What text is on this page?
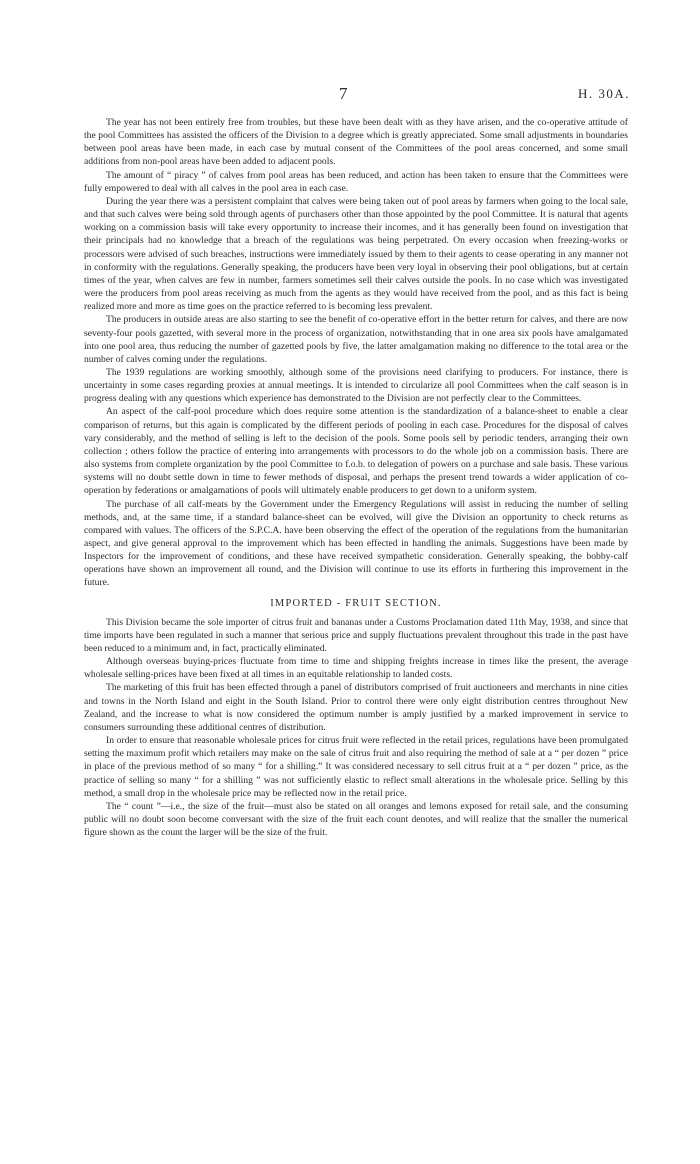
7	H. 30A.

The year has not been entirely free from troubles, but these have been dealt with as they have arisen, and the co-operative attitude of the pool Committees has assisted the officers of the Division to a degree which is greatly appreciated. Some small adjustments in boundaries between pool areas have been made, in each case by mutual consent of the Committees of the pool areas concerned, and some small additions from non-pool areas have been added to adjacent pools.

The amount of “ piracy ” of calves from pool areas has been reduced, and action has been taken to ensure that the Committees were fully empowered to deal with all calves in the pool area in each case.

During the year there was a persistent complaint that calves were being taken out of pool areas by farmers when going to the local sale, and that such calves were being sold through agents of purchasers other than those appointed by the pool Committee. It is natural that agents working on a commission basis will take every opportunity to increase their incomes, and it has generally been found on investigation that their principals had no knowledge that a breach of the regulations was being perpetrated. On every occasion when freezing-works or processors were advised of such breaches, instructions were immediately issued by them to their agents to cease operating in any manner not in conformity with the regulations. Generally speaking, the producers have been very loyal in observing their pool obligations, but at certain times of the year, when calves are few in number, farmers sometimes sell their calves outside the pools. In no case which was investigated were the producers from pool areas receiving as much from the agents as they would have received from the pool, and as this fact is being realized more and more as time goes on the practice referred to is becoming less prevalent.

The producers in outside areas are also starting to see the benefit of co-operative effort in the better return for calves, and there are now seventy-four pools gazetted, with several more in the process of organization, notwithstanding that in one area six pools have amalgamated into one pool area, thus reducing the number of gazetted pools by five, the latter amalgamation making no difference to the total area or the number of calves coming under the regulations.

The 1939 regulations are working smoothly, although some of the provisions need clarifying to producers. For instance, there is uncertainty in some cases regarding proxies at annual meetings. It is intended to circularize all pool Committees when the calf season is in progress dealing with any questions which experience has demonstrated to the Division are not perfectly clear to the Committees.

An aspect of the calf-pool procedure which does require some attention is the standardization of a balance-sheet to enable a clear comparison of returns, but this again is complicated by the different periods of pooling in each case. Procedures for the disposal of calves vary considerably, and the method of selling is left to the decision of the pools. Some pools sell by periodic tenders, arranging their own collection ; others follow the practice of entering into arrangements with processors to do the whole job on a commission basis. There are also systems from complete organization by the pool Committee to f.o.b. to delegation of powers on a purchase and sale basis. These various systems will no doubt settle down in time to fewer methods of disposal, and perhaps the present trend towards a wider application of co-operation by federations or amalgamations of pools will ultimately enable producers to get down to a uniform system.

The purchase of all calf-meats by the Government under the Emergency Regulations will assist in reducing the number of selling methods, and, at the same time, if a standard balance-sheet can be evolved, will give the Division an opportunity to check returns as compared with values. The officers of the S.P.C.A. have been observing the effect of the operation of the regulations from the humanitarian aspect, and give general approval to the improvement which has been effected in handling the animals. Suggestions have been made by Inspectors for the improvement of conditions, and these have received sympathetic consideration. Generally speaking, the bobby-calf operations have shown an improvement all round, and the Division will continue to use its efforts in furthering this improvement in the future.

IMPORTED - FRUIT SECTION.

This Division became the sole importer of citrus fruit and bananas under a Customs Proclamation dated 11th May, 1938, and since that time imports have been regulated in such a manner that serious price and supply fluctuations prevalent throughout this trade in the past have been reduced to a minimum and, in fact, practically eliminated.

Although overseas buying-prices fluctuate from time to time and shipping freights increase in times like the present, the average wholesale selling-prices have been fixed at all times in an equitable relationship to landed costs.

The marketing of this fruit has been effected through a panel of distributors comprised of fruit auctioneers and merchants in nine cities and towns in the North Island and eight in the South Island. Prior to control there were only eight distribution centres throughout New Zealand, and the increase to what is now considered the optimum number is amply justified by a marked improvement in service to consumers surrounding these additional centres of distribution.

In order to ensure that reasonable wholesale prices for citrus fruit were reflected in the retail prices, regulations have been promulgated setting the maximum profit which retailers may make on the sale of citrus fruit and also requiring the method of sale at a “ per dozen ” price in place of the previous method of so many “ for a shilling.” It was considered necessary to sell citrus fruit at a “ per dozen ” price, as the practice of selling so many “ for a shilling ” was not sufficiently elastic to reflect small alterations in the wholesale price. Selling by this method, a small drop in the wholesale price may be reflected now in the retail price.

The “ count ”—i.e., the size of the fruit—must also be stated on all oranges and lemons exposed for retail sale, and the consuming public will no doubt soon become conversant with the size of the fruit each count denotes, and will realize that the smaller the numerical figure shown as the count the larger will be the size of the fruit.
